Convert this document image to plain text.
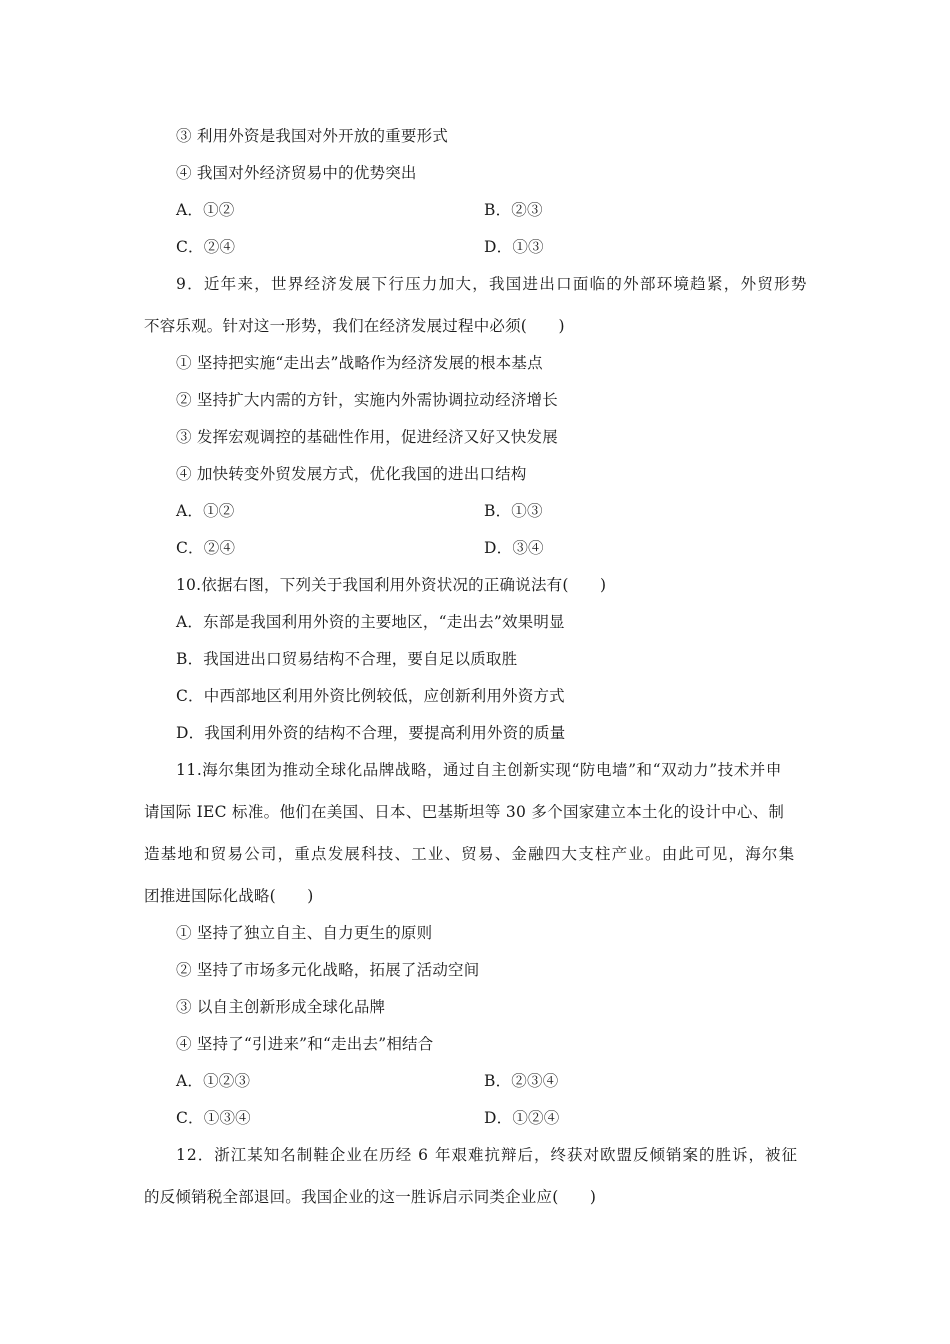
③ 利用外资是我国对外开放的重要形式
④ 我国对外经济贸易中的优势突出
A．①②	B．②③
C．②④	D．①③
9．近年来，世界经济发展下行压力加大，我国进出口面临的外部环境趋紧，外贸形势
不容乐观。针对这一形势，我们在经济发展过程中必须(　　)
① 坚持把实施“走出去”战略作为经济发展的根本基点
② 坚持扩大内需的方针，实施内外需协调拉动经济增长
③ 发挥宏观调控的基础性作用，促进经济又好又快发展
④ 加快转变外贸发展方式，优化我国的进出口结构
A．①②	B．①③
C．②④	D．③④
10.依据右图，下列关于我国利用外资状况的正确说法有(　　)
A．东部是我国利用外资的主要地区，“走出去”效果明显
B．我国进出口贸易结构不合理，要自足以质取胜
C．中西部地区利用外资比例较低，应创新利用外资方式
D．我国利用外资的结构不合理，要提高利用外资的质量
11.海尔集团为推动全球化品牌战略，通过自主创新实现“防电墙”和“双动力”技术并申
请国际 IEC 标准。他们在美国、日本、巴基斯坦等 30 多个国家建立本土化的设计中心、制
造基地和贸易公司，重点发展科技、工业、贸易、金融四大支柱产业。由此可见，海尔集
团推进国际化战略(　　)
① 坚持了独立自主、自力更生的原则
② 坚持了市场多元化战略，拓展了活动空间
③ 以自主创新形成全球化品牌
④ 坚持了“引进来”和“走出去”相结合
A．①②③	B．②③④
C．①③④	D．①②④
12．浙江某知名制鞋企业在历经 6 年艰难抗辩后，终获对欧盟反倾销案的胜诉，被征
的反倾销税全部退回。我国企业的这一胜诉启示同类企业应(　　)
